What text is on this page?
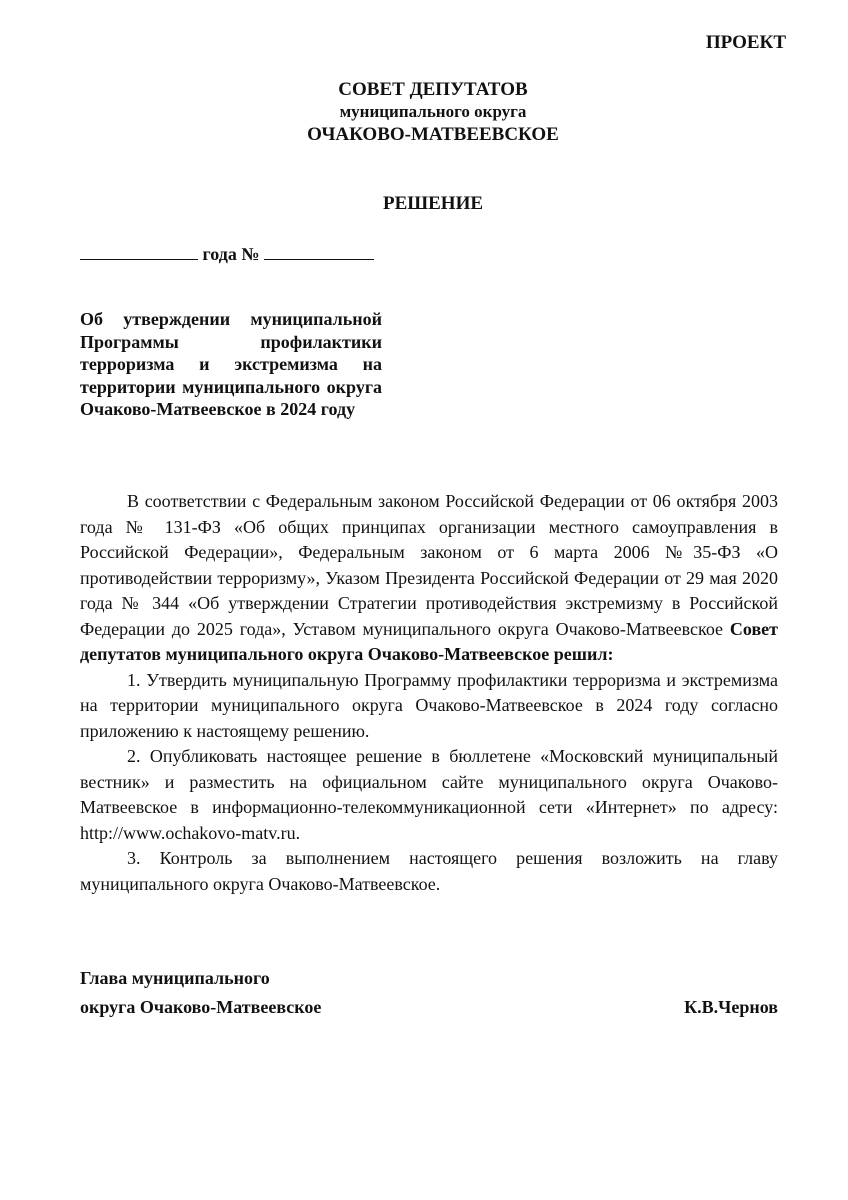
ПРОЕКТ
СОВЕТ ДЕПУТАТОВ
муниципального округа
ОЧАКОВО-МАТВЕЕВСКОЕ
РЕШЕНИЕ
года №
Об утверждении муниципальной Программы профилактики терроризма и экстремизма на территории муниципального округа Очаково-Матвеевское в 2024 году

В соответствии с Федеральным законом Российской Федерации от 06 октября 2003 года № 131-ФЗ «Об общих принципах организации местного самоуправления в Российской Федерации», Федеральным законом от 6 марта 2006 №35-ФЗ «О противодействии терроризму», Указом Президента Российской Федерации от 29 мая 2020 года № 344 «Об утверждении Стратегии противодействия экстремизму в Российской Федерации до 2025 года», Уставом муниципального округа Очаково-Матвеевское Совет депутатов муниципального округа Очаково-Матвеевское решил:

1. Утвердить муниципальную Программу профилактики терроризма и экстремизма на территории муниципального округа Очаково-Матвеевское в 2024 году согласно приложению к настоящему решению.

2. Опубликовать настоящее решение в бюллетене «Московский муниципальный вестник» и разместить на официальном сайте муниципального округа Очаково-Матвеевское в информационно-телекоммуникационной сети «Интернет» по адресу: http://www.ochakovo-matv.ru.

3. Контроль за выполнением настоящего решения возложить на главу муниципального округа Очаково-Матвеевское.

Глава муниципального
округа Очаково-Матвеевское	К.В.Чернов
